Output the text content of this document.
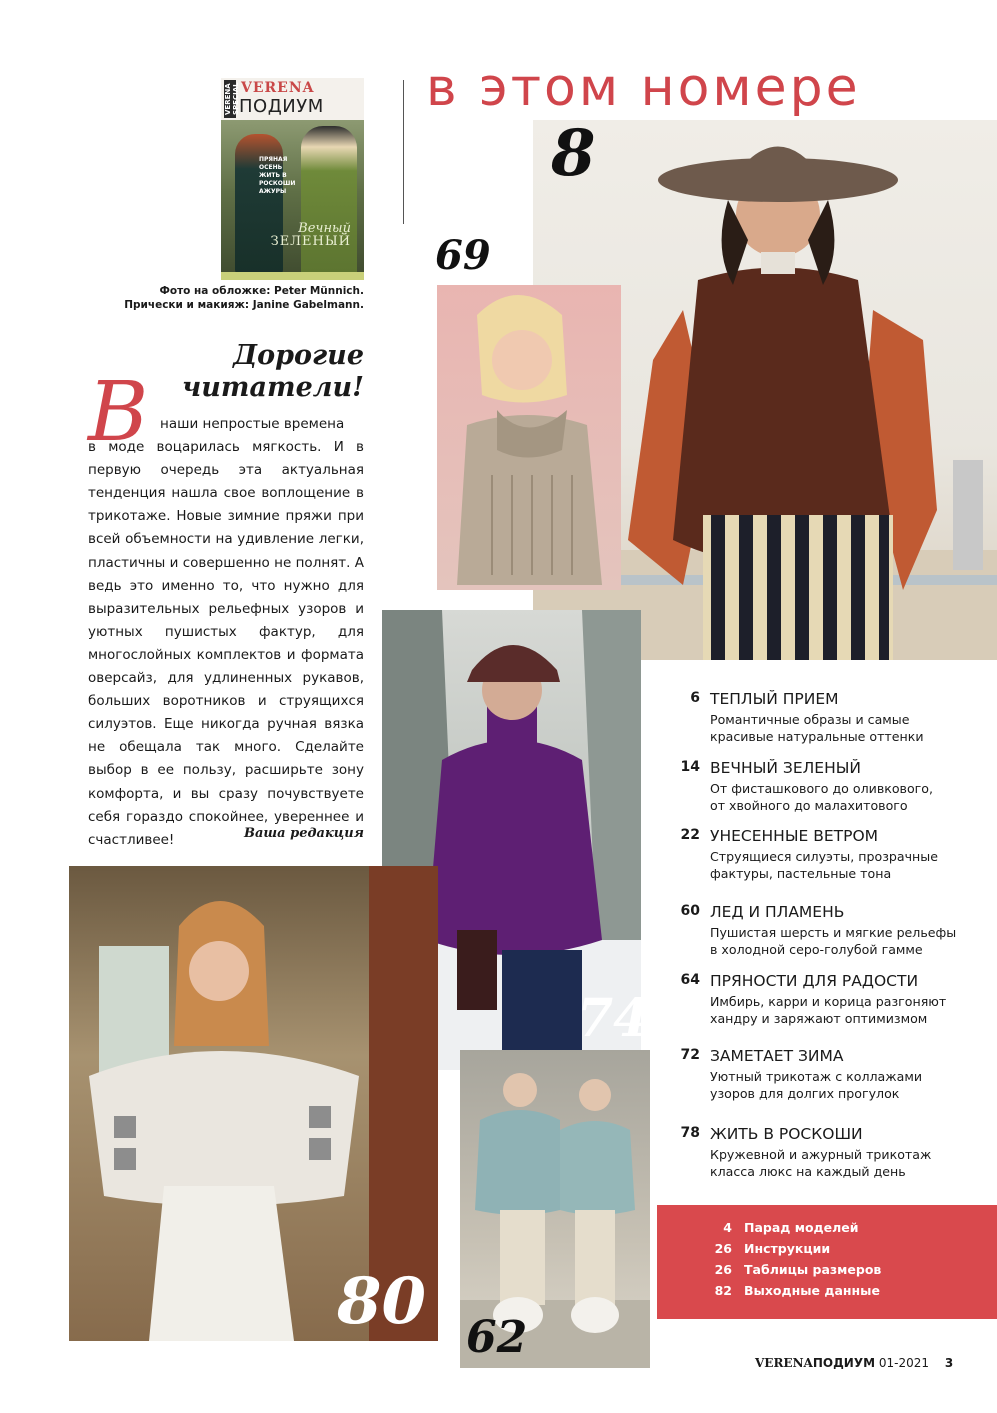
VERENA SPECIAL VERENA
ПОДИУМ
ПРЯНАЯ ОСЕНЬ
ЖИТЬ В РОСКОШИ
АЖУРЫ
Вечный
ЗЕЛЕНЫЙ
Фото на обложке: Peter Münnich.
Прически и макияж: Janine Gabelmann.
Дорогие
читатели!
В наши непростые времена
в моде воцарилась мягкость. И в первую очередь эта актуальная тенденция нашла свое воплощение в трикотаже. Новые зимние пряжи при всей объемности на удивление легки, пластичны и совершенно не полнят. А ведь это именно то, что нужно для выразительных рельефных узоров и уютных пушистых фактур, для многослойных комплектов и формата оверсайз, для удлиненных рукавов, больших воротников и струящихся силуэтов. Еще никогда ручная вязка не обещала так много. Сделайте выбор в ее пользу, расширьте зону комфорта, и вы сразу почувствуете себя гораздо спокойнее, увереннее и счастливее!	Ваша редакция
в этом номере
8
69
74
80 62
6 ТЕПЛЫЙ ПРИЕМ
Романтичные образы и самые
красивые натуральные оттенки
14 ВЕЧНЫЙ ЗЕЛЕНЫЙ
От фисташкового до оливкового,
от хвойного до малахитового
22 УНЕСЕННЫЕ ВЕТРОМ
Струящиеся силуэты, прозрачные
фактуры, пастельные тона
60 ЛЕД И ПЛАМЕНЬ
Пушистая шерсть и мягкие рельефы
в холодной серо-голубой гамме
64 ПРЯНОСТИ ДЛЯ РАДОСТИ
Имбирь, карри и корица разгоняют
хандру и заряжают оптимизмом
72 ЗАМЕТАЕТ ЗИМА
Уютный трикотаж с коллажами
узоров для долгих прогулок
78 ЖИТЬ В РОСКОШИ
Кружевной и ажурный трикотаж
класса люкс на каждый день
4 Парад моделей
26 Инструкции
26 Таблицы размеров
82 Выходные данные
VERENAПОДИУМ 01-2021 3
